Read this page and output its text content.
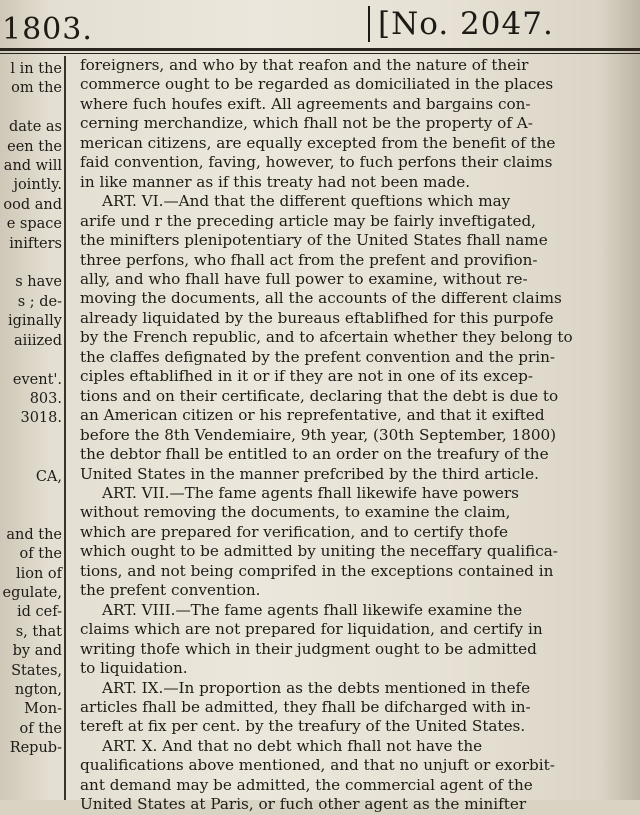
1803.	[No. 2047.
l in the
om the

date as
een the
and will
jointly.
ood and
e space
inifters

s have
s ; de-
iginally
aiiized

event'.
803.
3018.

CA,

and the
of the
lion of
egulate,
id cef-
s, that
by and
States,
ngton,
Mon-
of the
Repub-
foreigners, and who by that reafon and the nature of their
commerce ought to be regarded as domiciliated in the places
where fuch houfes exift. All agreements and bargains con-
cerning merchandize, which fhall not be the property of A-
merican citizens, are equally excepted from the benefit of the
faid convention, faving, however, to fuch perfons their claims
in like manner as if this treaty had not been made.
ART. VI.—And that the different queftions which may
arife und r the preceding article may be fairly inveftigated,
the minifters plenipotentiary of the United States fhall name
three perfons, who fhall act from the prefent and provifion-
ally, and who fhall have full power to examine, without re-
moving the documents, all the accounts of the different claims
already liquidated by the bureaus eftablifhed for this purpofe
by the French republic, and to afcertain whether they belong to
the claffes defignated by the prefent convention and the prin-
ciples eftablifhed in it or if they are not in one of its excep-
tions and on their certificate, declaring that the debt is due to
an American citizen or his reprefentative, and that it exifted
before the 8th Vendemiaire, 9th year, (30th September, 1800)
the debtor fhall be entitled to an order on the treafury of the
United States in the manner prefcribed by the third article.
ART. VII.—The fame agents fhall likewife have powers
without removing the documents, to examine the claim,
which are prepared for verification, and to certify thofe
which ought to be admitted by uniting the neceffary qualifica-
tions, and not being comprifed in the exceptions contained in
the prefent convention.
ART. VIII.—The fame agents fhall likewife examine the
claims which are not prepared for liquidation, and certify in
writing thofe which in their judgment ought to be admitted
to liquidation.
ART. IX.—In proportion as the debts mentioned in thefe
articles fhall be admitted, they fhall be difcharged with in-
tereft at fix per cent. by the treafury of the United States.
ART. X. And that no debt which fhall not have the
qualifications above mentioned, and that no unjuft or exorbit-
ant demand may be admitted, the commercial agent of the
United States at Paris, or fuch other agent as the minifter
